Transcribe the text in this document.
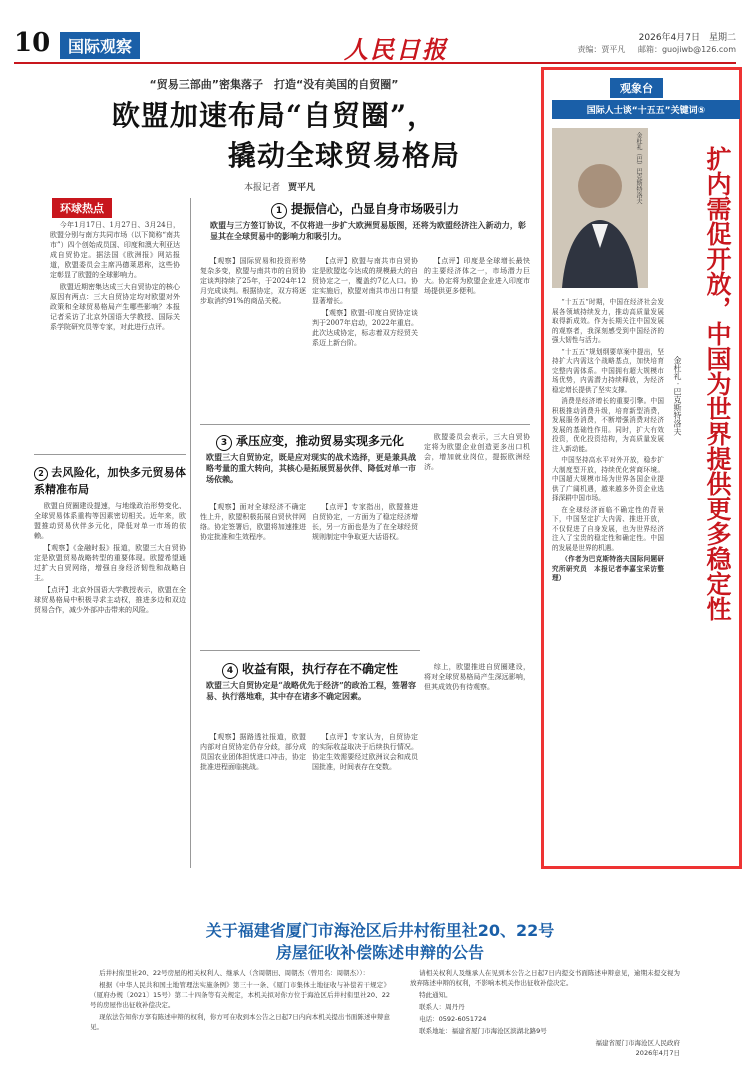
10	国际观察	人民日报	2026年4月7日　星期二
责编：贾平凡 邮箱：guojiwb@126.com
“贸易三部曲”密集落子　打造“没有美国的自贸圈”
欧盟加速布局“自贸圈”，
撬动全球贸易格局
本报记者 贾平凡
环球热点

今年1月17日、1月27日、3月24日，欧盟分别与南方共同市场（以下简称“南共市”）四个创始成员国、印度和澳大利亚达成自贸协定。据法国《欧洲报》网站报道，欧盟委员会主席冯德莱恩称，这些协定彰显了欧盟的全球影响力。

欧盟近期密集达成三大自贸协定的核心原因有两点：三大自贸协定均对欧盟对外政策和全球贸易格局产生哪些影响？本报记者采访了北京外国语大学教授、国际关系学院研究员等专家，对此进行点评。

1 提振信心，凸显自身市场吸引力
欧盟与三方签订协议，不仅将进一步扩大欧洲贸易版图，还将为欧盟经济注入新动力，彰显其在全球贸易中的影响力和吸引力。

【观察】国际贸易和投资形势复杂多变，欧盟与南共市的自贸协定谈判持续了25年，于2024年12月完成谈判。根据协定，双方将逐步取消约91%的商品关税。

【点评】欧盟与南共市自贸协定是欧盟迄今达成的规模最大的自贸协定之一，覆盖约7亿人口。协定实施后，欧盟对南共市出口有望显著增长。

【观察】欧盟-印度自贸协定谈判于2007年启动，2022年重启。此次达成协定，标志着双方经贸关系迈上新台阶。

【点评】印度是全球增长最快的主要经济体之一，市场潜力巨大。协定将为欧盟企业进入印度市场提供更多便利。

2 去风险化，加快多元贸易体系精准布局

欧盟自贸圈建设提速，与地缘政治形势变化、全球贸易体系重构等因素密切相关。近年来，欧盟推动贸易伙伴多元化，降低对单一市场的依赖。

【观察】《金融时报》报道，欧盟三大自贸协定是欧盟贸易战略转型的重要体现。欧盟希望通过扩大自贸网络，增强自身经济韧性和战略自主。

【点评】北京外国语大学教授表示，欧盟在全球贸易格局中积极寻求主动权，推进多边和双边贸易合作，减少外部冲击带来的风险。

3 承压应变，推动贸易实现多元化
欧盟三大自贸协定，既是应对现实的战术选择，更是兼具战略考量的重大转向，其核心是拓展贸易伙伴、降低对单一市场依赖。

【观察】面对全球经济不确定性上升，欧盟积极拓展自贸伙伴网络。协定签署后，欧盟将加速推进协定批准和生效程序。

【点评】专家指出，欧盟推进自贸协定，一方面为了稳定经济增长，另一方面也是为了在全球经贸规则制定中争取更大话语权。

欧盟委员会表示，三大自贸协定将为欧盟企业创造更多出口机会，增加就业岗位，提振欧洲经济。

4 收益有限，执行存在不确定性
欧盟三大自贸协定是“战略优先于经济”的政治工程，签署容易、执行落地难，其中存在诸多不确定因素。

【观察】据路透社报道，欧盟内部对自贸协定仍存分歧，部分成员国农业团体担忧进口冲击，协定批准进程面临挑战。

【点评】专家认为，自贸协定的实际收益取决于后续执行情况。协定生效需要经过欧洲议会和成员国批准，时间表存在变数。

综上，欧盟推进自贸圈建设，将对全球贸易格局产生深远影响，但其成效仍有待观察。

观象台
国际人士谈“十五五”关键词⑤
金杜礼（巴）巴克斯特洛夫	扩内需促开放，中国为世界提供更多稳定性
金杜礼 · 巴克斯特洛夫

“十五五”时期，中国在经济社会发展各领域持续发力，推动高质量发展取得新成效。作为长期关注中国发展的观察者，我深刻感受到中国经济的强大韧性与活力。

“十五五”规划纲要草案中提出，坚持扩大内需这个战略基点，加快培育完整内需体系。中国拥有超大规模市场优势，内需潜力持续释放，为经济稳定增长提供了坚实支撑。

消费是经济增长的重要引擎。中国积极推动消费升级，培育新型消费，发展服务消费，不断增强消费对经济发展的基础性作用。同时，扩大有效投资，优化投资结构，为高质量发展注入新动能。

中国坚持高水平对外开放，稳步扩大制度型开放，持续优化营商环境。中国超大规模市场为世界各国企业提供了广阔机遇，越来越多外资企业选择深耕中国市场。

在全球经济面临不确定性的背景下，中国坚定扩大内需、推进开放，不仅促进了自身发展，也为世界经济注入了宝贵的稳定性和确定性。中国的发展是世界的机遇。

（作者为巴克斯特洛夫国际问题研究所研究员　本报记者李嘉宝采访整理）

关于福建省厦门市海沧区后井村衔里社20、22号
房屋征收补偿陈述申辩的公告

后井村衔里社20、22号房屋的相关权利人、继承人（含周朝田、周朝杰（曾用名：周朝杰））：

根据《中华人民共和国土地管理法实施条例》第三十一条、《厦门市集体土地征收与补偿若干规定》（厦府办规〔2021〕15号）第二十四条等有关规定，本机关拟对你方位于海沧区后井村衔里社20、22号的房屋作出征收补偿决定。

现依法告知你方享有陈述申辩的权利，你方可在收到本公告之日起7日内向本机关提出书面陈述申辩意见。

请相关权利人及继承人在见到本公告之日起7日内提交书面陈述申辩意见，逾期未提交视为放弃陈述申辩的权利，不影响本机关作出征收补偿决定。

特此通知。

联系人：周丹丹

电话：0592-6051724

联系地址：福建省厦门市海沧区滨湖北路9号

福建省厦门市海沧区人民政府
2026年4月7日
